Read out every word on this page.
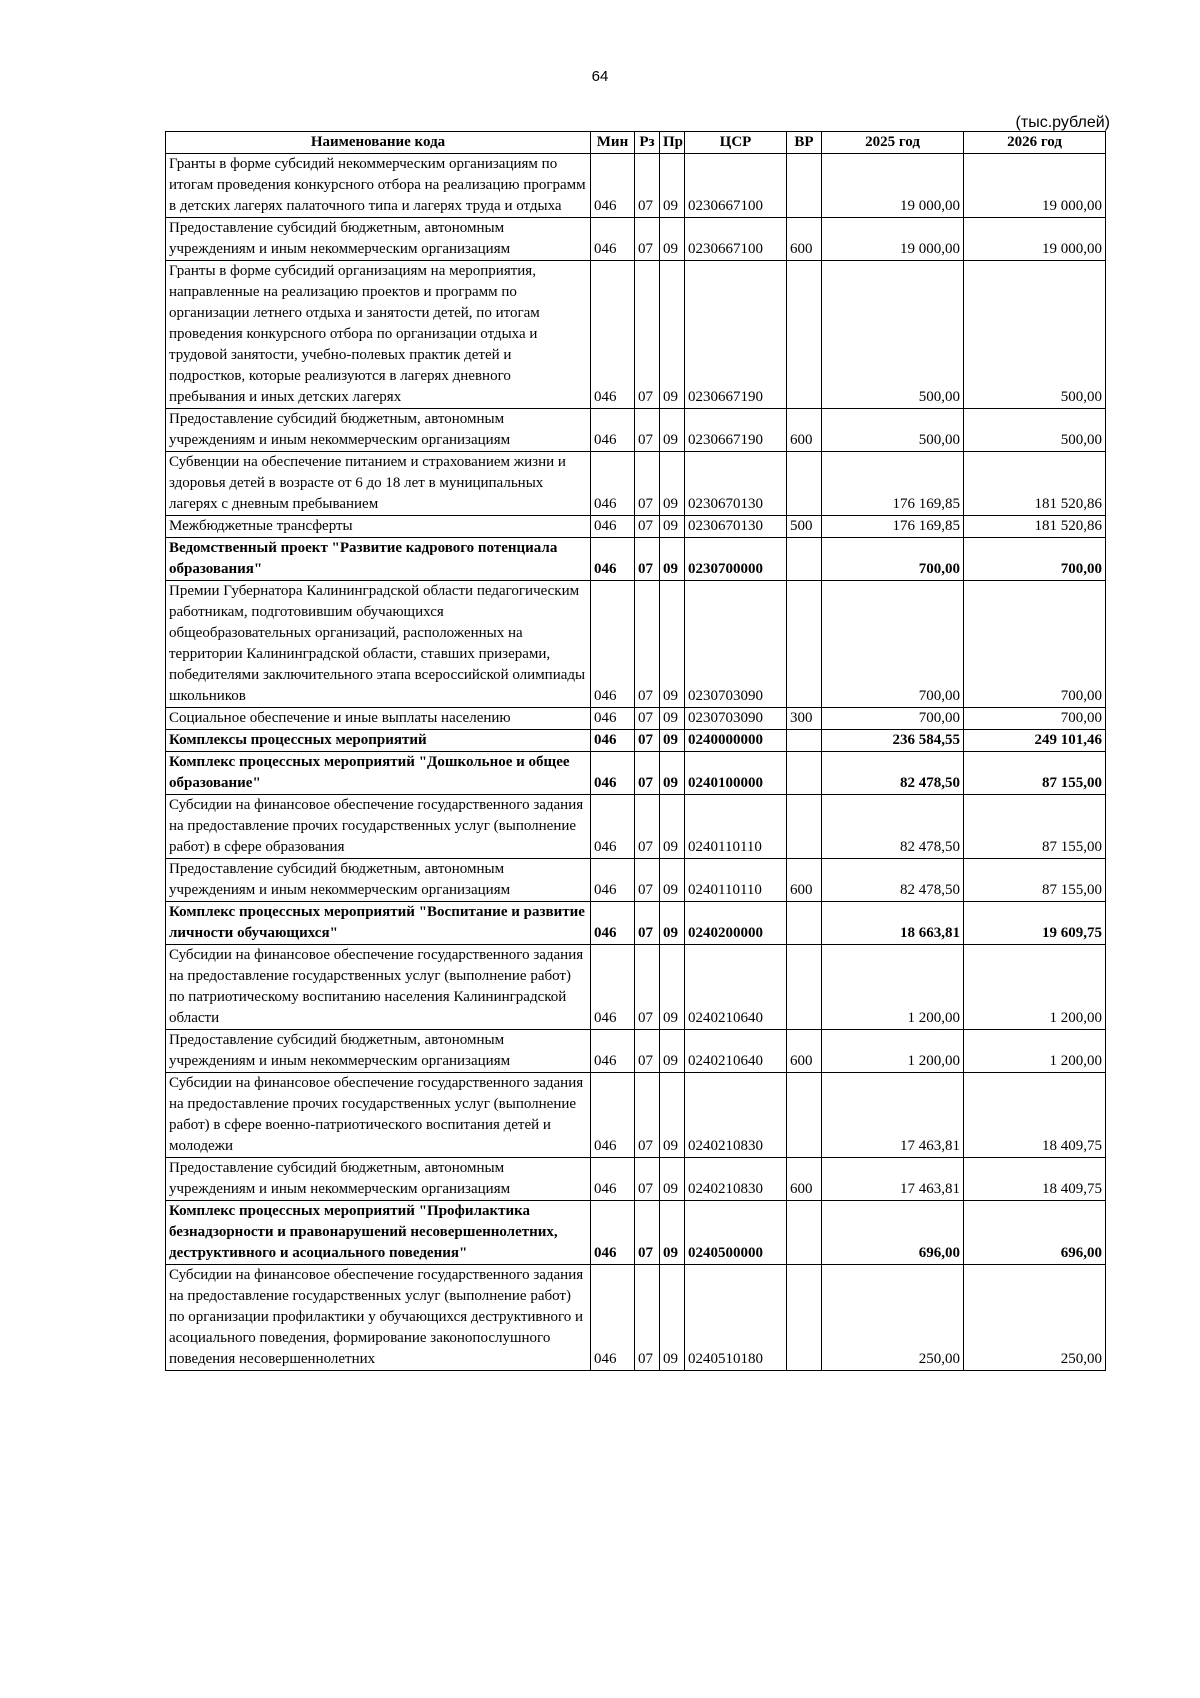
64
(тыс.рублей)
Наименование кода	Мин	Рз	Пр	ЦСР	ВР	2025 год	2026 год
Гранты в форме субсидий некоммерческим организациям по итогам проведения конкурсного отбора на реализацию программ в детских лагерях палаточного типа и лагерях труда и отдыха	046	07	09	0230667100		19 000,00	19 000,00
Предоставление субсидий бюджетным, автономным учреждениям и иным некоммерческим организациям	046	07	09	0230667100	600	19 000,00	19 000,00
Гранты в форме субсидий организациям на мероприятия, направленные на реализацию проектов и программ по организации летнего отдыха и занятости детей, по итогам проведения конкурсного отбора по организации отдыха и трудовой занятости, учебно-полевых практик детей и подростков, которые реализуются в лагерях дневного пребывания и иных детских лагерях	046	07	09	0230667190		500,00	500,00
Предоставление субсидий бюджетным, автономным учреждениям и иным некоммерческим организациям	046	07	09	0230667190	600	500,00	500,00
Субвенции на обеспечение питанием и страхованием жизни и здоровья детей в возрасте от 6 до 18 лет в муниципальных лагерях с дневным пребыванием	046	07	09	0230670130		176 169,85	181 520,86
Межбюджетные трансферты	046	07	09	0230670130	500	176 169,85	181 520,86
Ведомственный проект "Развитие кадрового потенциала образования"	046	07	09	0230700000		700,00	700,00
Премии Губернатора Калининградской области педагогическим работникам, подготовившим обучающихся общеобразовательных организаций, расположенных на территории Калининградской области, ставших призерами, победителями заключительного этапа всероссийской олимпиады школьников	046	07	09	0230703090		700,00	700,00
Социальное обеспечение и иные выплаты населению	046	07	09	0230703090	300	700,00	700,00
Комплексы процессных мероприятий	046	07	09	0240000000		236 584,55	249 101,46
Комплекс процессных мероприятий "Дошкольное и общее образование"	046	07	09	0240100000		82 478,50	87 155,00
Субсидии на финансовое обеспечение государственного задания на предоставление прочих государственных услуг (выполнение работ) в сфере образования	046	07	09	0240110110		82 478,50	87 155,00
Предоставление субсидий бюджетным, автономным учреждениям и иным некоммерческим организациям	046	07	09	0240110110	600	82 478,50	87 155,00
Комплекс процессных мероприятий "Воспитание и развитие личности обучающихся"	046	07	09	0240200000		18 663,81	19 609,75
Субсидии на финансовое обеспечение государственного задания на предоставление государственных услуг (выполнение работ) по патриотическому воспитанию населения Калининградской области	046	07	09	0240210640		1 200,00	1 200,00
Предоставление субсидий бюджетным, автономным учреждениям и иным некоммерческим организациям	046	07	09	0240210640	600	1 200,00	1 200,00
Субсидии на финансовое обеспечение государственного задания на предоставление прочих государственных услуг (выполнение работ) в сфере военно-патриотического воспитания детей и молодежи	046	07	09	0240210830		17 463,81	18 409,75
Предоставление субсидий бюджетным, автономным учреждениям и иным некоммерческим организациям	046	07	09	0240210830	600	17 463,81	18 409,75
Комплекс процессных мероприятий "Профилактика безнадзорности и правонарушений несовершеннолетних, деструктивного и асоциального поведения"	046	07	09	0240500000		696,00	696,00
Субсидии на финансовое обеспечение государственного задания на предоставление государственных услуг (выполнение работ) по организации профилактики у обучающихся деструктивного и асоциального поведения, формирование законопослушного поведения несовершеннолетних	046	07	09	0240510180		250,00	250,00
